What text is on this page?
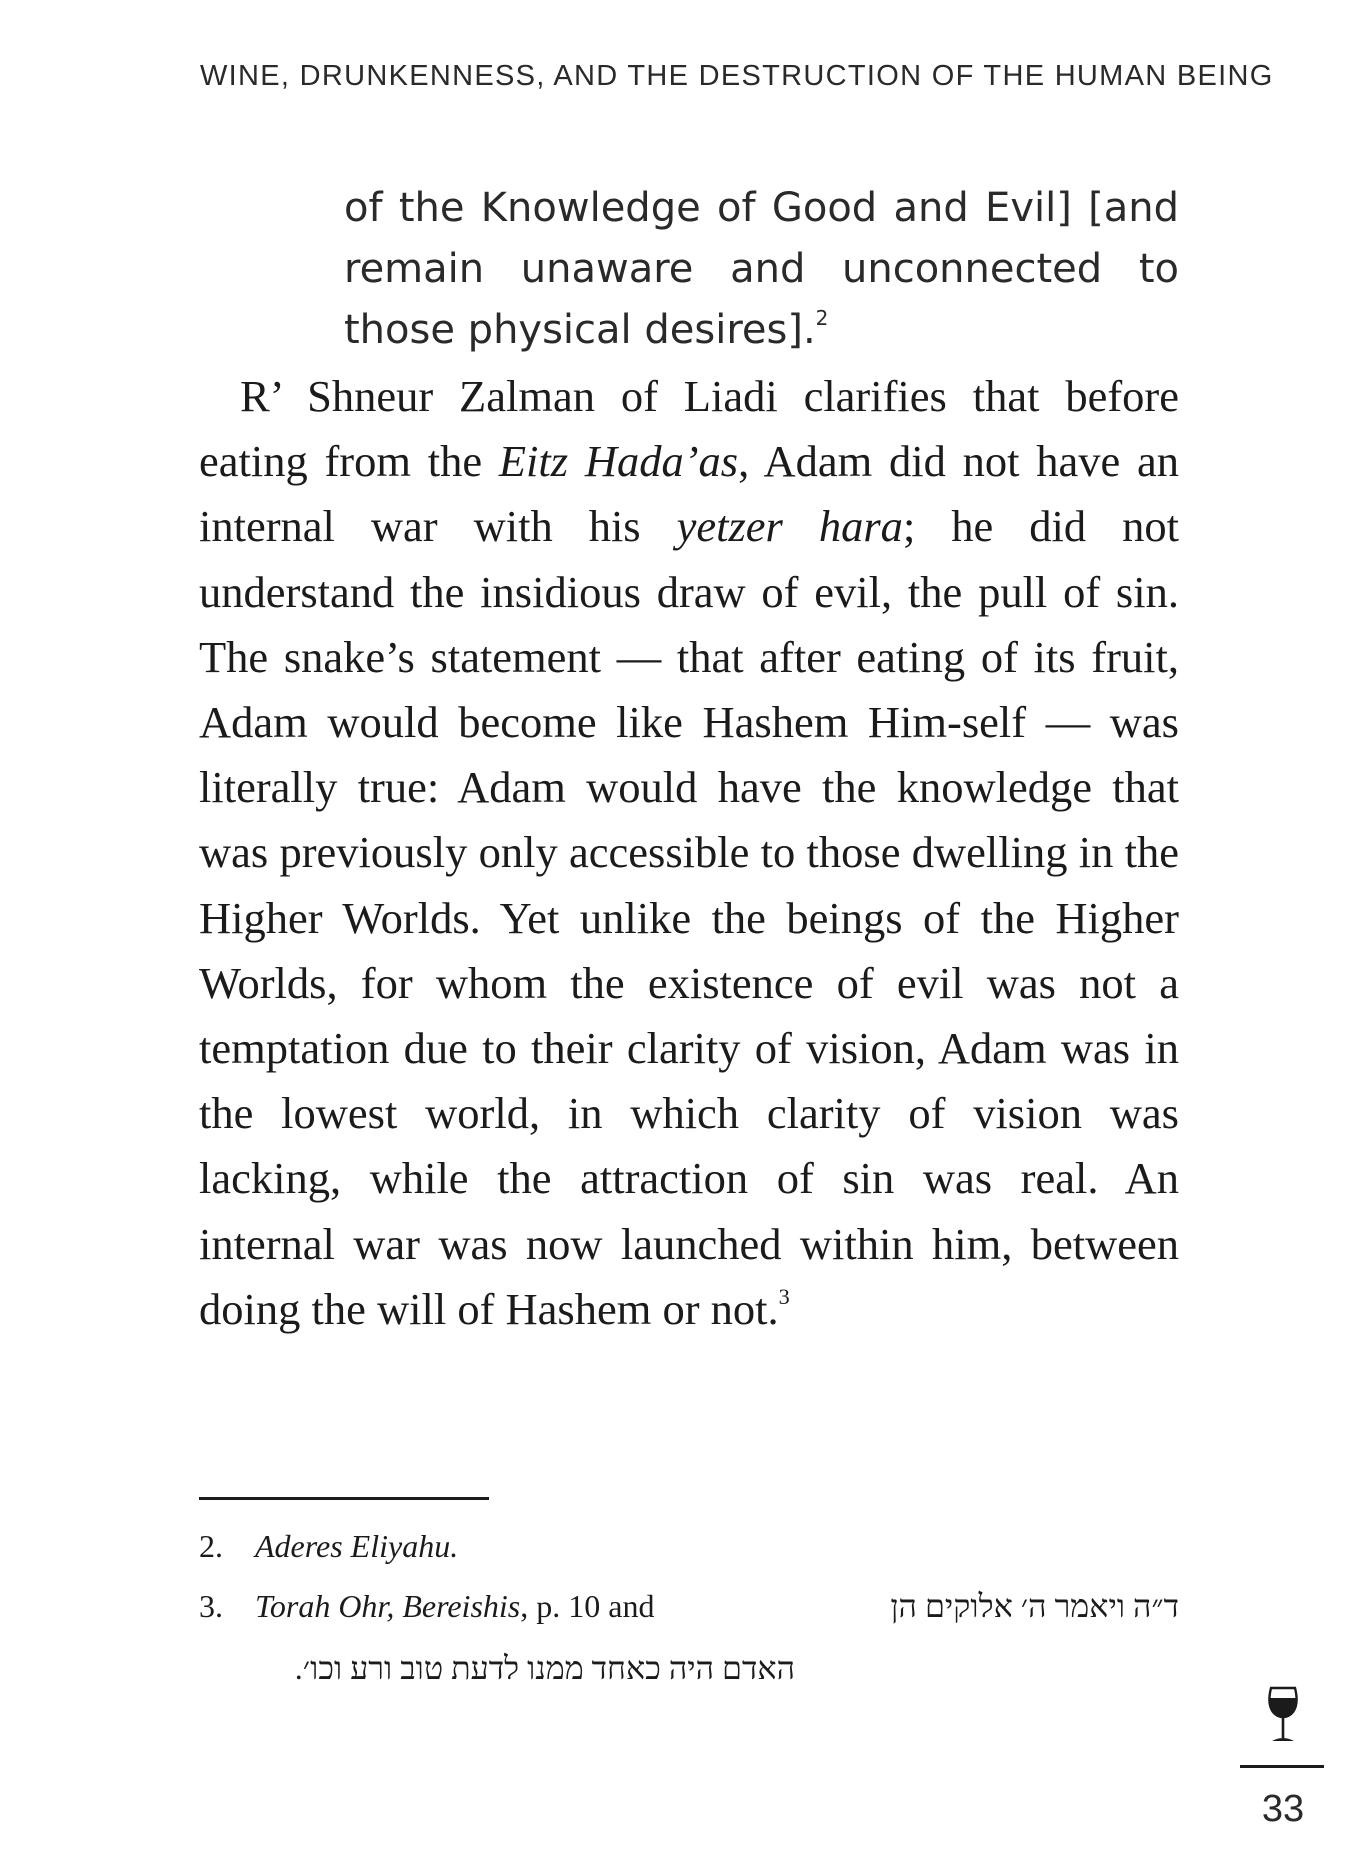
WINE, DRUNKENNESS, AND THE DESTRUCTION OF THE HUMAN BEING
of the Knowledge of Good and Evil] [and remain unaware and unconnected to those physical desires].$^2$

R’ Shneur Zalman of Liadi clarifies that before eating from the Eitz Hada’as, Adam did not have an internal war with his yetzer hara; he did not understand the insidious draw of evil, the pull of sin. The snake’s statement — that after eating of its fruit, Adam would become like Hashem Him-self — was literally true: Adam would have the knowledge that was previously only accessible to those dwelling in the Higher Worlds. Yet unlike the beings of the Higher Worlds, for whom the existence of evil was not a temptation due to their clarity of vision, Adam was in the lowest world, in which clarity of vision was lacking, while the attraction of sin was real. An internal war was now launched within him, between doing the will of Hashem or not.$^3$

2. Aderes Eliyahu.
3. Torah Ohr, Bereishis, p. 10 and	ד״ה ויאמר ה׳ אלוקים הן
האדם היה כאחד ממנו לדעת טוב ורע וכו׳.
33
